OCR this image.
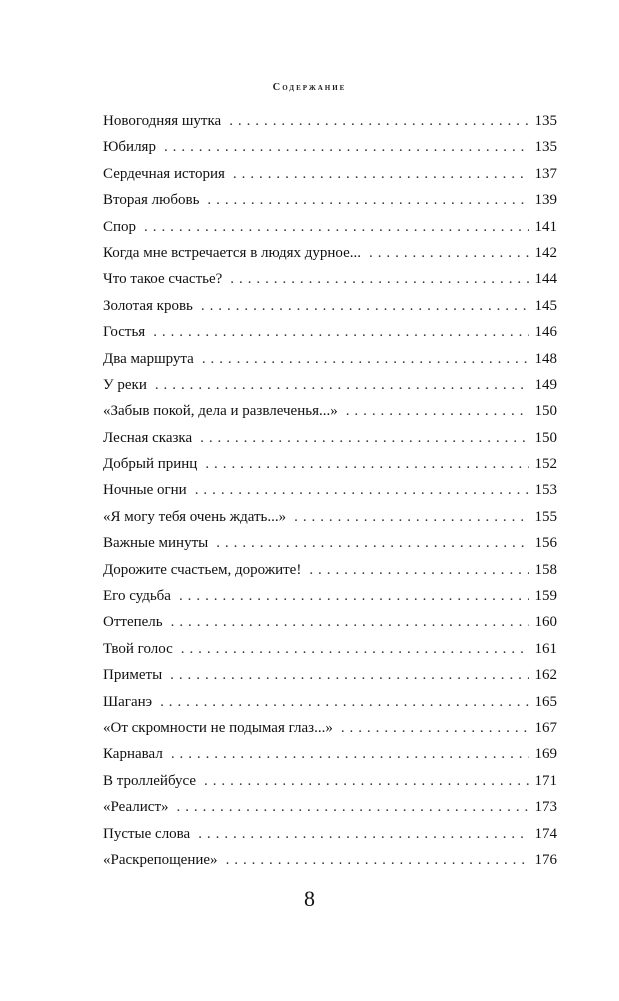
Содержание
Новогодняя шутка . . .	135
Юбиляр . . .	135
Сердечная история . . .	137
Вторая любовь . . .	139
Спор . . .	141
Когда мне встречается в людях дурное... . . .	142
Что такое счастье? . . .	144
Золотая кровь . . .	145
Гостья . . .	146
Два маршрута . . .	148
У реки . . .	149
«Забыв покой, дела и развлеченья...» . . .	150
Лесная сказка . . .	150
Добрый принц . . .	152
Ночные огни . . .	153
«Я могу тебя очень ждать...» . . .	155
Важные минуты . . .	156
Дорожите счастьем, дорожите! . . .	158
Его судьба . . .	159
Оттепель . . .	160
Твой голос . . .	161
Приметы . . .	162
Шаганэ . . .	165
«От скромности не подымая глаз...» . . .	167
Карнавал . . .	169
В троллейбусе . . .	171
«Реалист» . . .	173
Пустые слова . . .	174
«Раскрепощение» . . .	176
8
